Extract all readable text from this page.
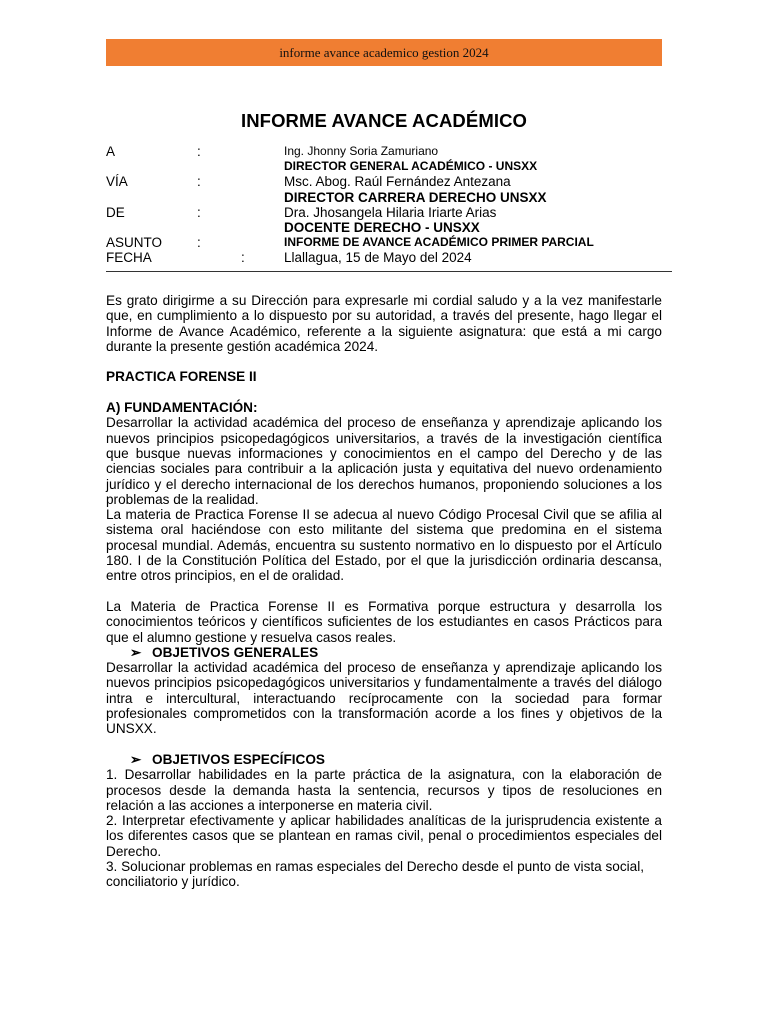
informe avance academico gestion 2024
INFORME AVANCE ACADÉMICO
A	:	Ing. Jhonny Soria Zamuriano
DIRECTOR GENERAL ACADÉMICO - UNSXX
VÍA	:	Msc. Abog. Raúl Fernández Antezana
DIRECTOR CARRERA DERECHO UNSXX
DE	:	Dra. Jhosangela Hilaria Iriarte Arias
DOCENTE DERECHO - UNSXX
ASUNTO	:	INFORME DE AVANCE ACADÉMICO PRIMER PARCIAL
FECHA	:	Llallagua, 15 de Mayo del 2024

Es grato dirigirme a su Dirección para expresarle mi cordial saludo y a la vez manifestarle que, en cumplimiento a lo dispuesto por su autoridad, a través del presente, hago llegar el Informe de Avance Académico, referente a la siguiente asignatura: que está a mi cargo durante la presente gestión académica 2024.

PRACTICA FORENSE II

A) FUNDAMENTACIÓN:

Desarrollar la actividad académica del proceso de enseñanza y aprendizaje aplicando los nuevos principios psicopedagógicos universitarios, a través de la investigación científica que busque nuevas informaciones y conocimientos en el campo del Derecho y de las ciencias sociales para contribuir a la aplicación justa y equitativa del nuevo ordenamiento jurídico y el derecho internacional de los derechos humanos, proponiendo soluciones a los problemas de la realidad.

La materia de Practica Forense II se adecua al nuevo Código Procesal Civil que se afilia al sistema oral haciéndose con esto militante del sistema que predomina en el sistema procesal mundial. Además, encuentra su sustento normativo en lo dispuesto por el Artículo 180. I de la Constitución Política del Estado, por el que la jurisdicción ordinaria descansa, entre otros principios, en el de oralidad.

La Materia de Practica Forense II es Formativa porque estructura y desarrolla los conocimientos teóricos y científicos suficientes de los estudiantes en casos Prácticos para que el alumno gestione y resuelva casos reales.

➢ OBJETIVOS GENERALES

Desarrollar la actividad académica del proceso de enseñanza y aprendizaje aplicando los nuevos principios psicopedagógicos universitarios y fundamentalmente a través del diálogo intra e intercultural, interactuando recíprocamente con la sociedad para formar profesionales comprometidos con la transformación acorde a los fines y objetivos de la UNSXX.

➢ OBJETIVOS ESPECÍFICOS

1. Desarrollar habilidades en la parte práctica de la asignatura, con la elaboración de procesos desde la demanda hasta la sentencia, recursos y tipos de resoluciones en relación a las acciones a interponerse en materia civil.

2. Interpretar efectivamente y aplicar habilidades analíticas de la jurisprudencia existente a los diferentes casos que se plantean en ramas civil, penal o procedimientos especiales del Derecho.

3. Solucionar problemas en ramas especiales del Derecho desde el punto de vista social, conciliatorio y jurídico.
